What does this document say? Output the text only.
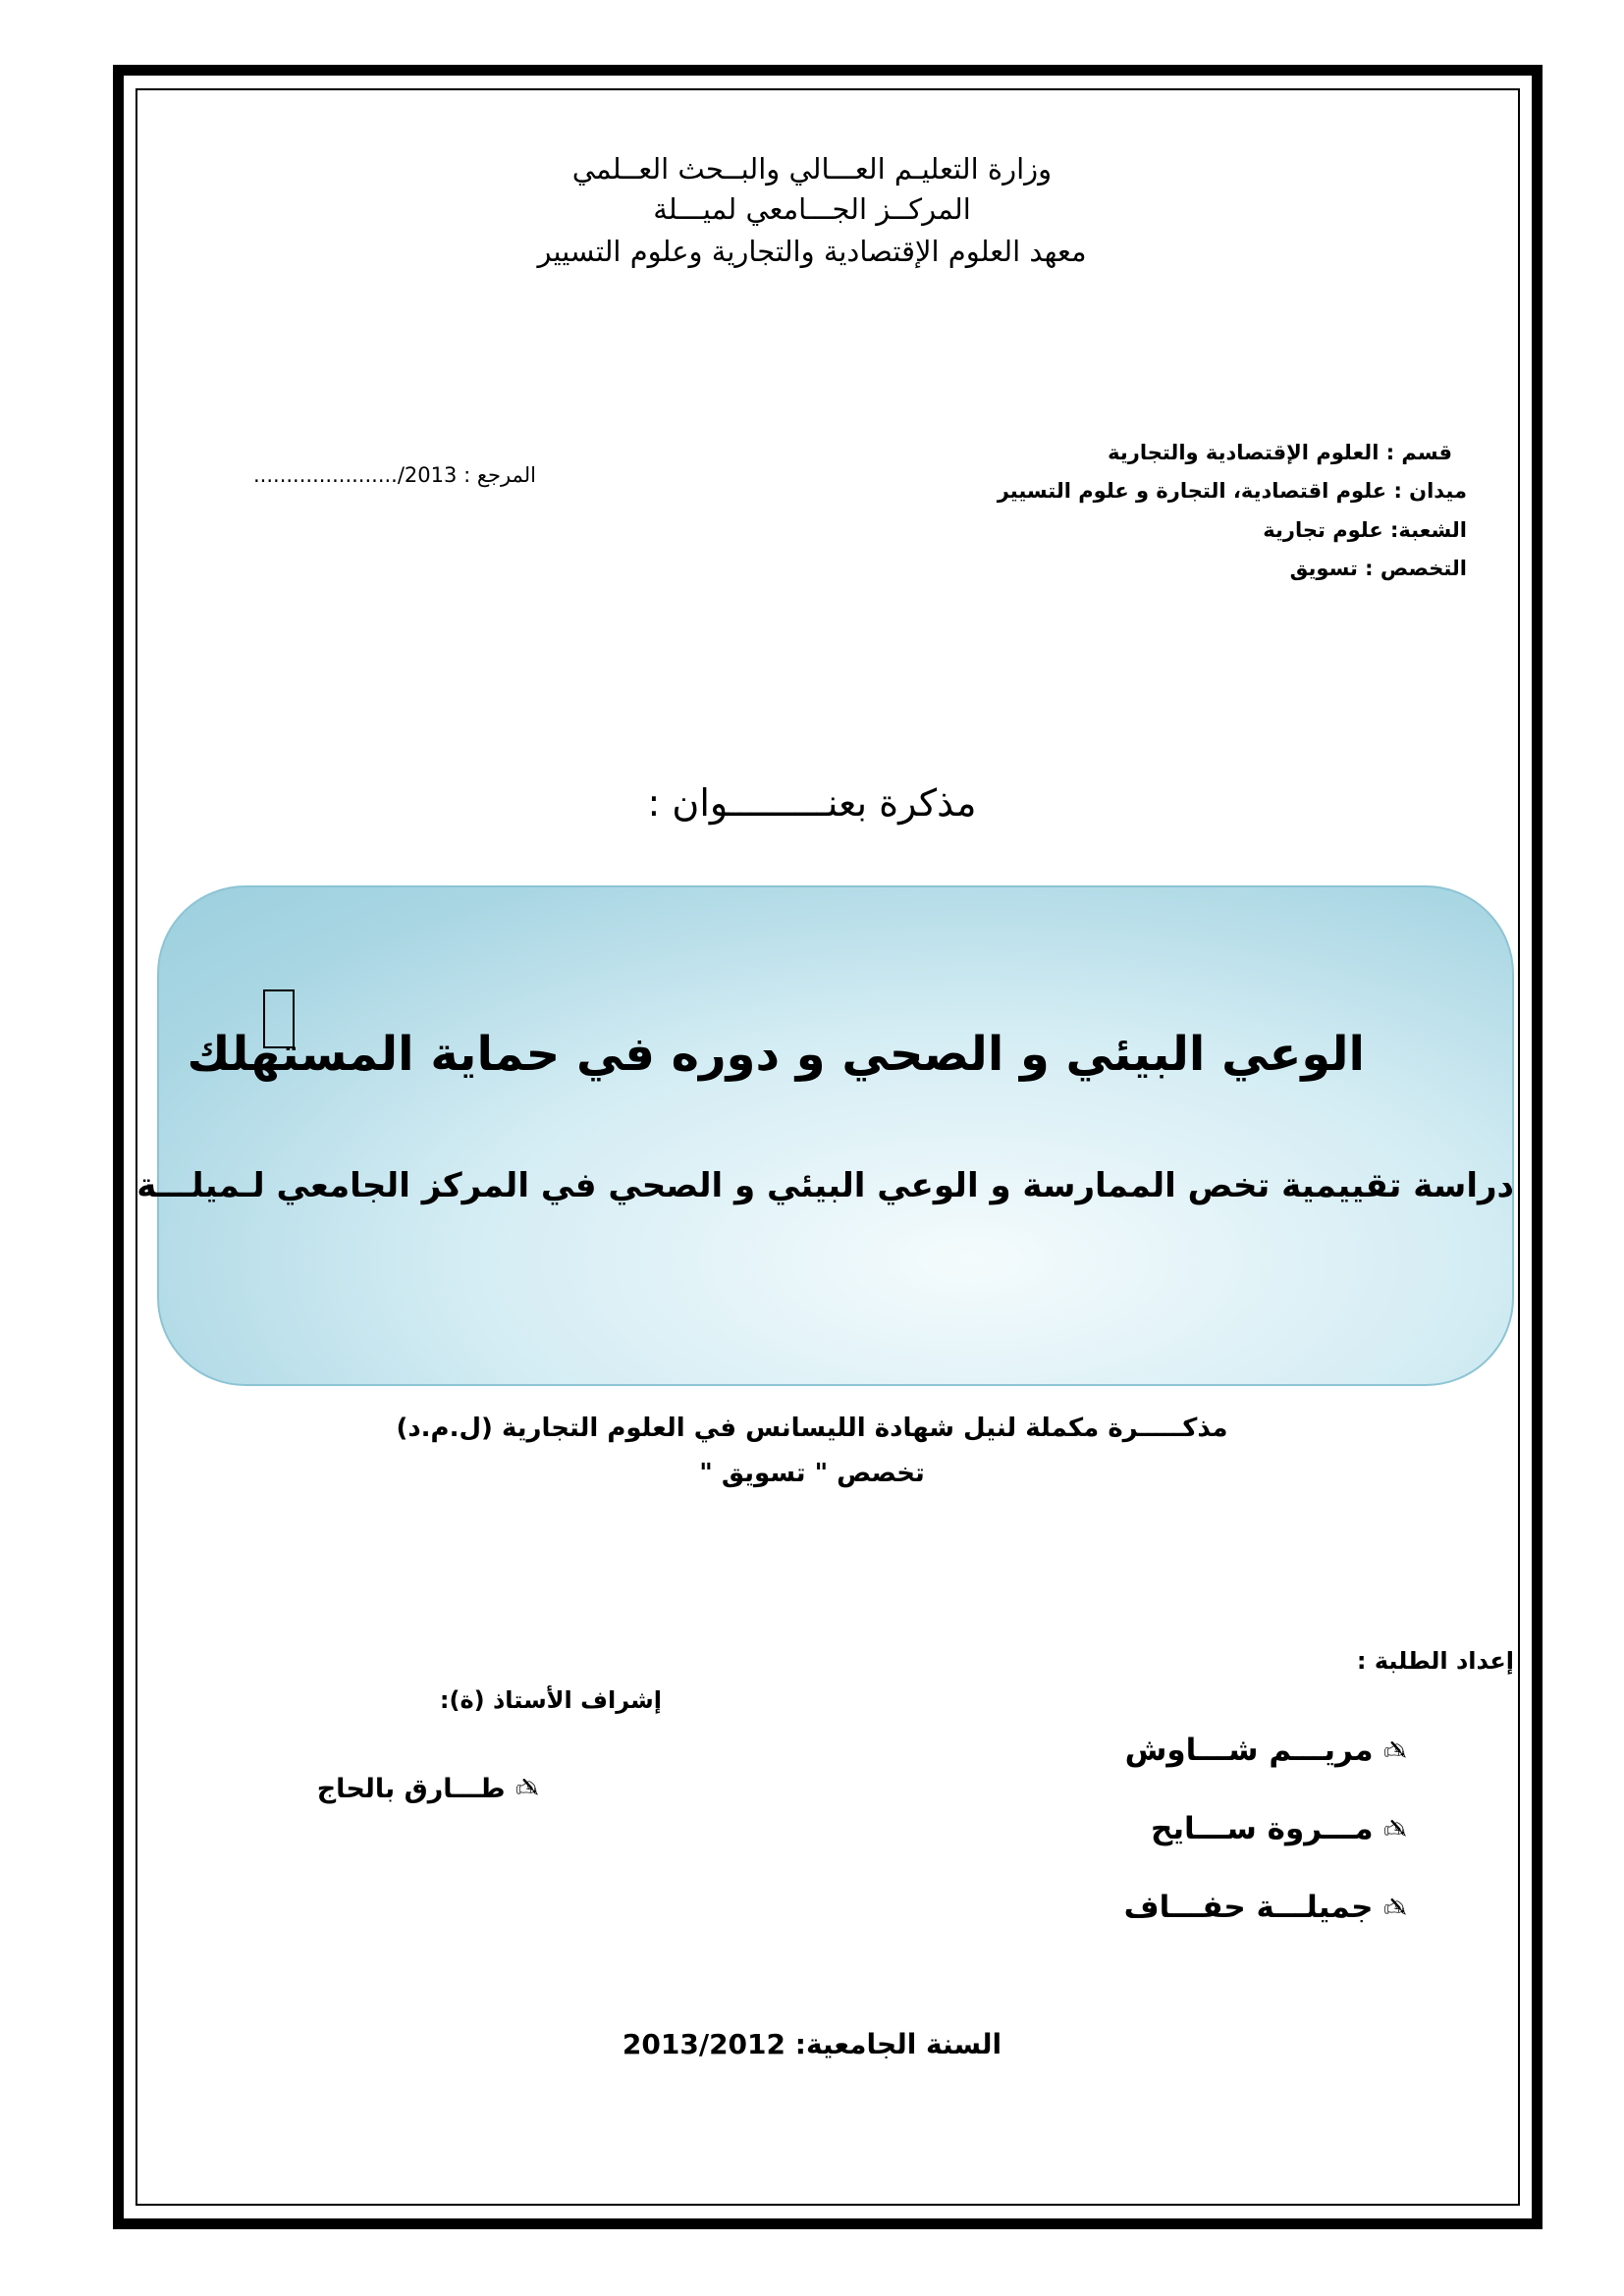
وزارة التعليـم العـــالي والبــحث العــلمي
المركــز الجـــامعي لميـــلة
معهد العلوم الإقتصادية والتجارية وعلوم التسيير
قسم : العلوم الإقتصادية والتجارية
ميدان : علوم اقتصادية، التجارة و علوم التسيير
الشعبة: علوم تجارية
التخصص : تسويق
....................../2013 المرجع :
مذكرة بعنـــــــــوان :
الوعي البيئي و الصحي و دوره في حماية المستهلك
دراسة تقييمية تخص الممارسة و الوعي البيئي و الصحي في المركز الجامعي لـميلـــة
مذكـــــرة مكملة لنيل شهادة الليسانس في العلوم التجارية (ل.م.د)
تخصص " تسويق "
إعداد الطلبة :
✍مريـــم شـــاوش
✍مـــروة ســـايح
✍جميلـــة حفـــاف
إشراف الأستاذ (ة):
✍طـــارق بالحاج
السنة الجامعية: 2013/2012
